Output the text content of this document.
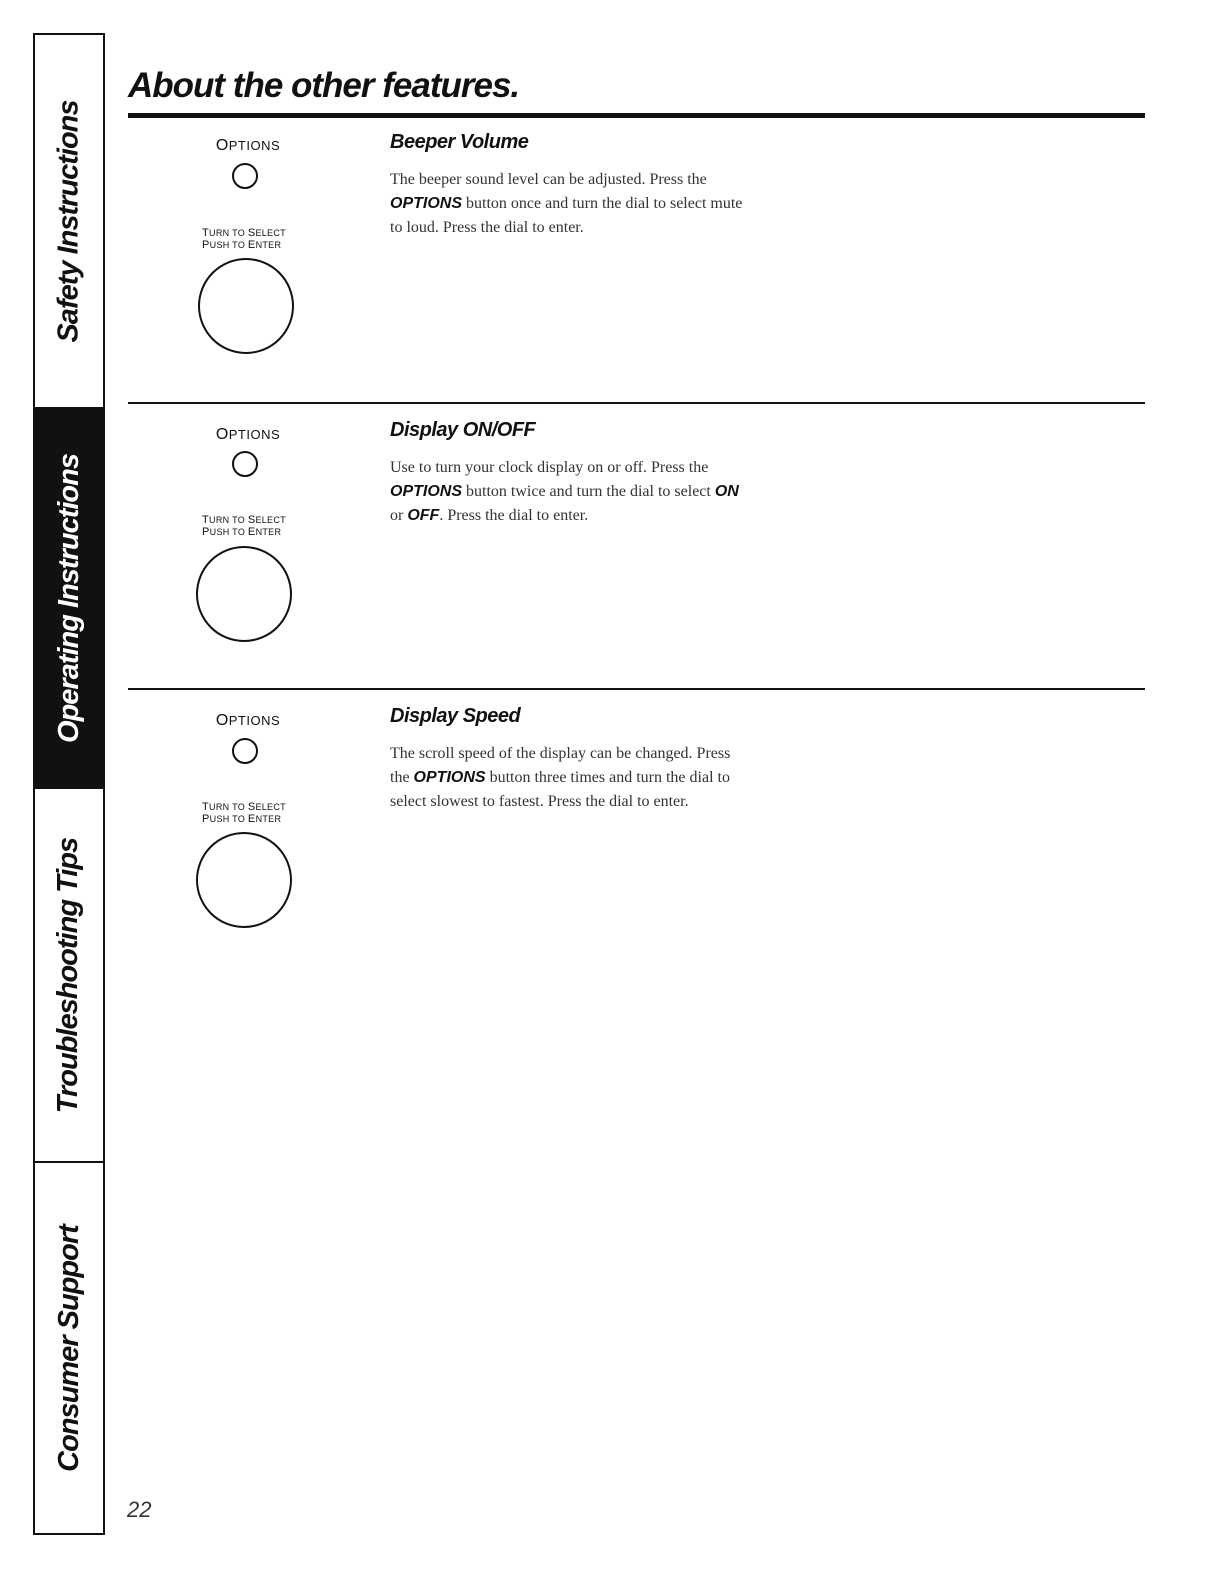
Safety Instructions
Operating Instructions
Troubleshooting Tips
Consumer Support
About the other features.
OPTIONS
TURN TO SELECT
PUSH TO ENTER
Beeper Volume

The beeper sound level can be adjusted. Press the OPTIONS button once and turn the dial to select mute to loud. Press the dial to enter.

OPTIONS
TURN TO SELECT
PUSH TO ENTER
Display ON/OFF

Use to turn your clock display on or off. Press the OPTIONS button twice and turn the dial to select ON or OFF. Press the dial to enter.

OPTIONS
TURN TO SELECT
PUSH TO ENTER
Display Speed

The scroll speed of the display can be changed. Press the OPTIONS button three times and turn the dial to select slowest to fastest. Press the dial to enter.

22
